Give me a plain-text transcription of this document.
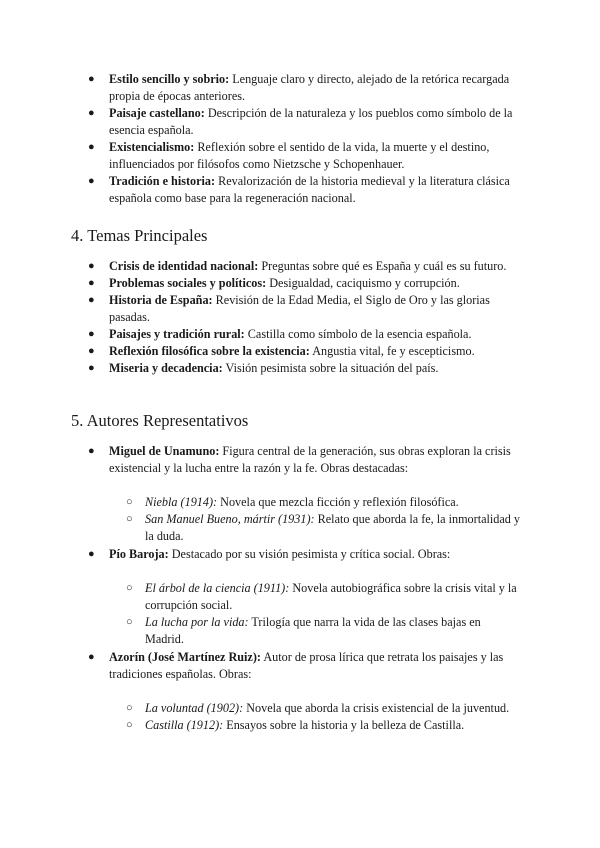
● Estilo sencillo y sobrio: Lenguaje claro y directo, alejado de la retórica recargada propia de épocas anteriores.
● Paisaje castellano: Descripción de la naturaleza y los pueblos como símbolo de la esencia española.
● Existencialismo: Reflexión sobre el sentido de la vida, la muerte y el destino, influenciados por filósofos como Nietzsche y Schopenhauer.
● Tradición e historia: Revalorización de la historia medieval y la literatura clásica española como base para la regeneración nacional.
4. Temas Principales
● Crisis de identidad nacional: Preguntas sobre qué es España y cuál es su futuro.
● Problemas sociales y políticos: Desigualdad, caciquismo y corrupción.
● Historia de España: Revisión de la Edad Media, el Siglo de Oro y las glorias pasadas.
● Paisajes y tradición rural: Castilla como símbolo de la esencia española.
● Reflexión filosófica sobre la existencia: Angustia vital, fe y escepticismo.
● Miseria y decadencia: Visión pesimista sobre la situación del país.
5. Autores Representativos
● Miguel de Unamuno: Figura central de la generación, sus obras exploran la crisis existencial y la lucha entre la razón y la fe. Obras destacadas:
○ Niebla (1914): Novela que mezcla ficción y reflexión filosófica.
○ San Manuel Bueno, mártir (1931): Relato que aborda la fe, la inmortalidad y la duda.
● Pío Baroja: Destacado por su visión pesimista y crítica social. Obras:
○ El árbol de la ciencia (1911): Novela autobiográfica sobre la crisis vital y la corrupción social.
○ La lucha por la vida: Trilogía que narra la vida de las clases bajas en Madrid.
● Azorín (José Martínez Ruiz): Autor de prosa lírica que retrata los paisajes y las tradiciones españolas. Obras:
○ La voluntad (1902): Novela que aborda la crisis existencial de la juventud.
○ Castilla (1912): Ensayos sobre la historia y la belleza de Castilla.
